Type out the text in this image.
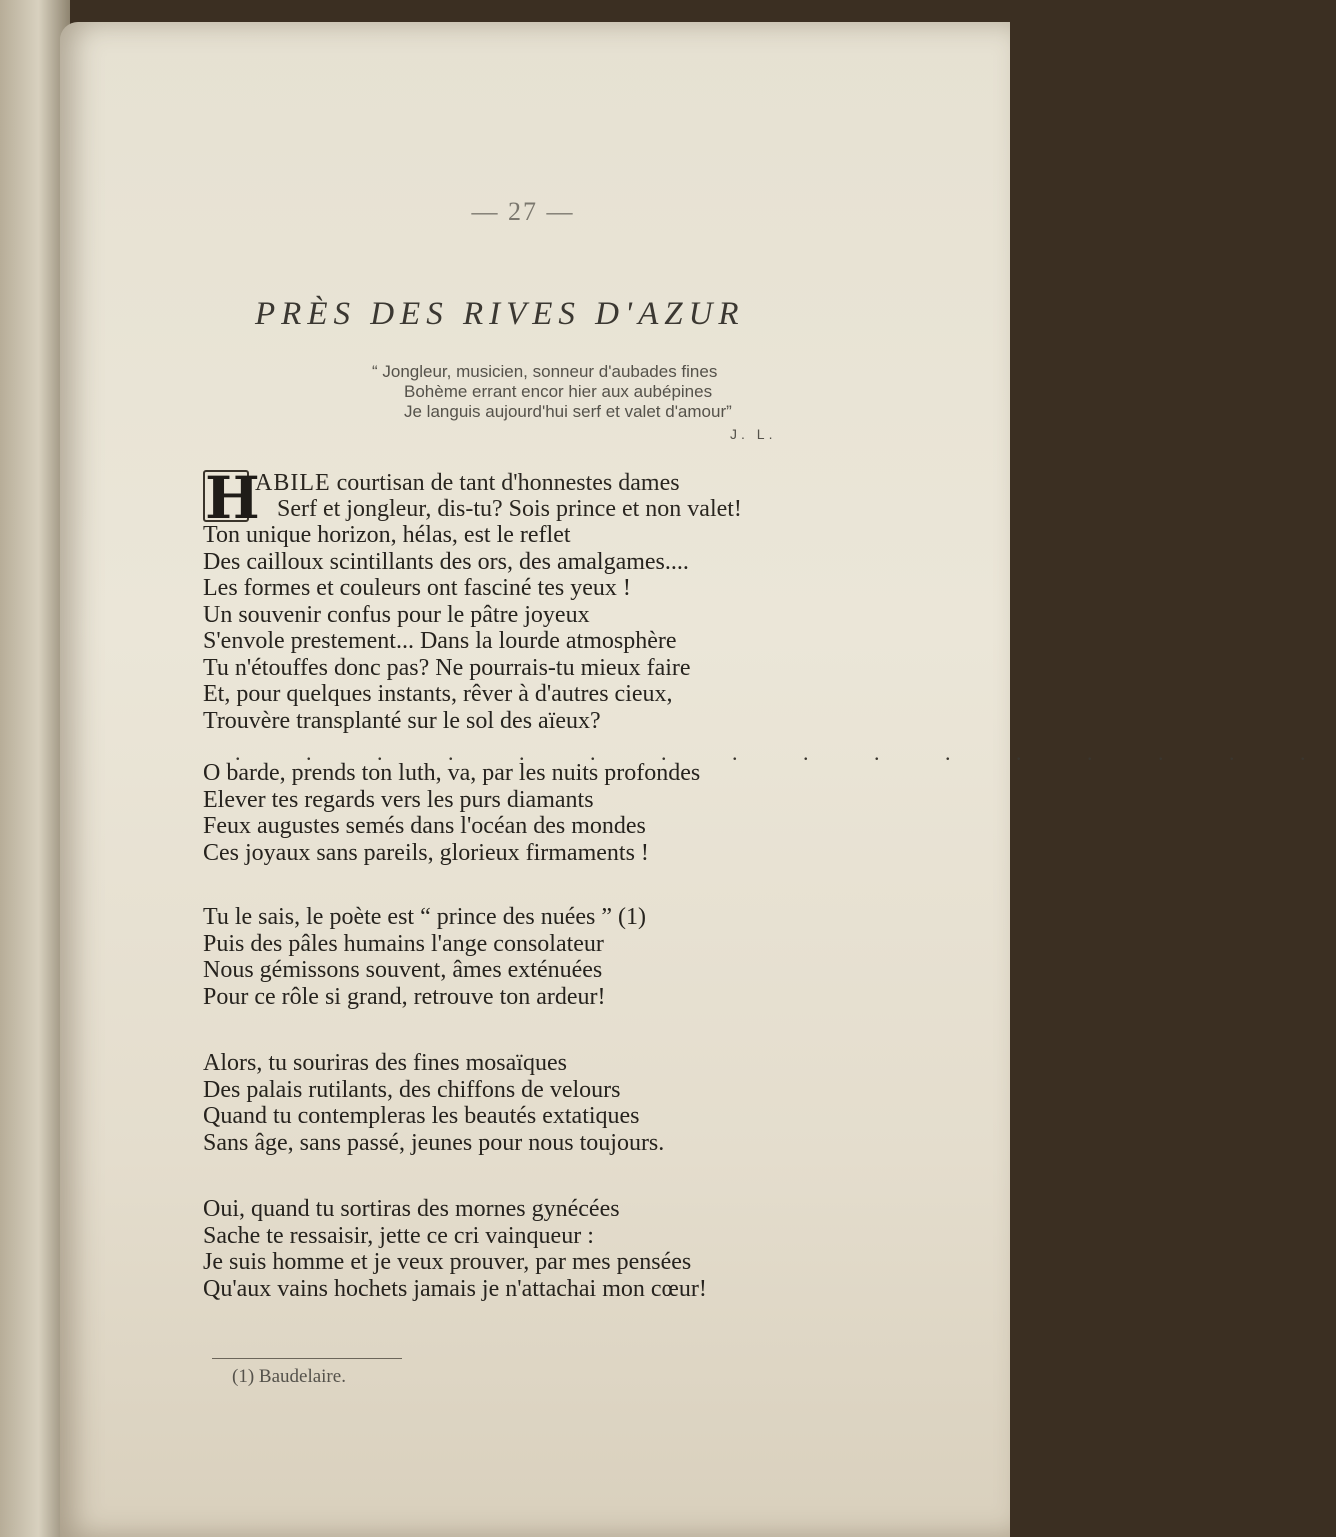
— 27 —
PRÈS DES RIVES D'AZUR
“ Jongleur, musicien, sonneur d'aubades fines
Bohème errant encor hier aux aubépines
Je languis aujourd'hui serf et valet d'amour”
J. L.
H
ABILE courtisan de tant d'honnestes dames
Serf et jongleur, dis-tu? Sois prince et non valet!
Ton unique horizon, hélas, est le reflet
Des cailloux scintillants des ors, des amalgames....
Les formes et couleurs ont fasciné tes yeux !
Un souvenir confus pour le pâtre joyeux
S'envole prestement... Dans la lourde atmosphère
Tu n'étouffes donc pas? Ne pourrais-tu mieux faire
Et, pour quelques instants, rêver à d'autres cieux,
Trouvère transplanté sur le sol des aïeux?
. . . . . . . . . . . . . . . .
O barde, prends ton luth, va, par les nuits profondes
Elever tes regards vers les purs diamants
Feux augustes semés dans l'océan des mondes
Ces joyaux sans pareils, glorieux firmaments !
Tu le sais, le poète est “ prince des nuées ” (1)
Puis des pâles humains l'ange consolateur
Nous gémissons souvent, âmes exténuées
Pour ce rôle si grand, retrouve ton ardeur!
Alors, tu souriras des fines mosaïques
Des palais rutilants, des chiffons de velours
Quand tu contempleras les beautés extatiques
Sans âge, sans passé, jeunes pour nous toujours.
Oui, quand tu sortiras des mornes gynécées
Sache te ressaisir, jette ce cri vainqueur :
Je suis homme et je veux prouver, par mes pensées
Qu'aux vains hochets jamais je n'attachai mon cœur!
(1) Baudelaire.
